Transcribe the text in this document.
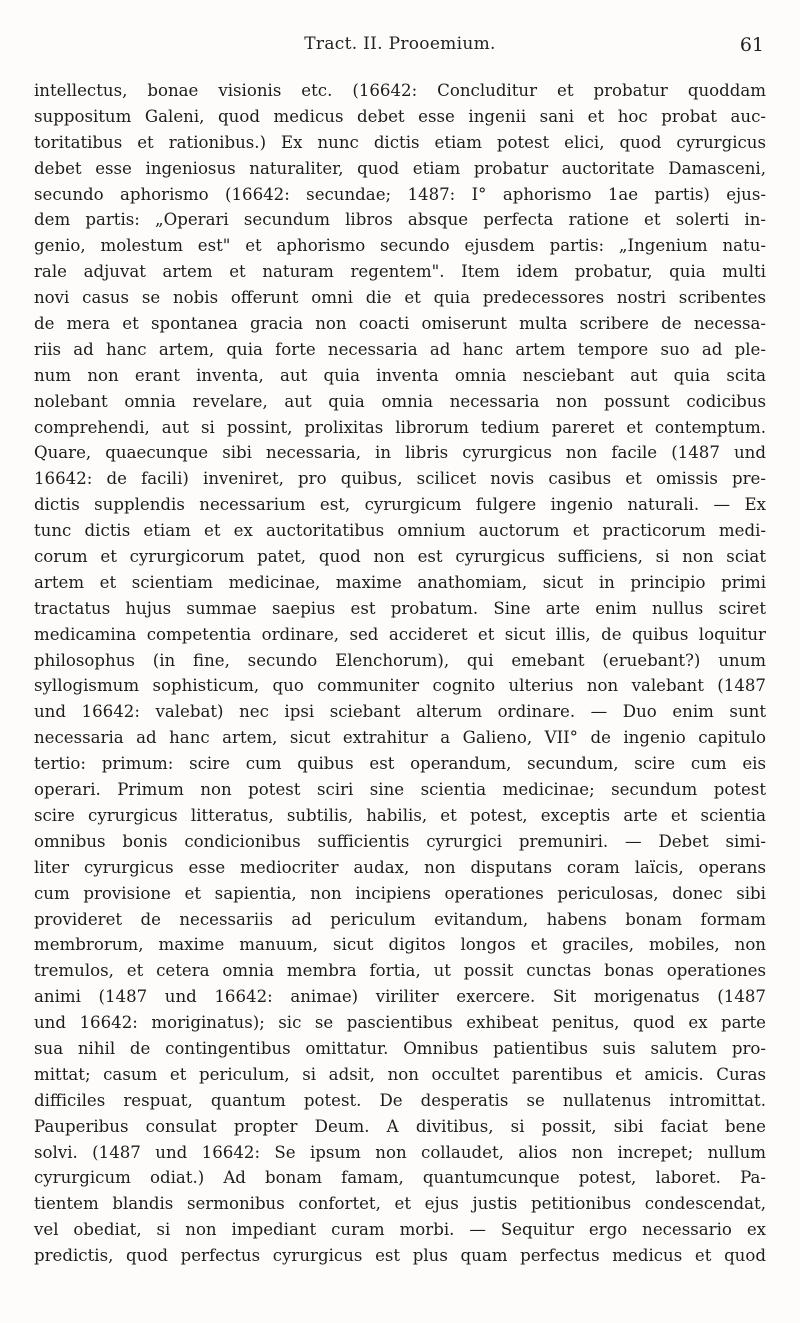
Tract. II. Prooemium.	61
intellectus, bonae visionis etc. (16642: Concluditur et probatur quoddam
suppositum Galeni, quod medicus debet esse ingenii sani et hoc probat auc-
toritatibus et rationibus.) Ex nunc dictis etiam potest elici, quod cyrurgicus
debet esse ingeniosus naturaliter, quod etiam probatur auctoritate Damasceni,
secundo aphorismo (16642: secundae; 1487: I° aphorismo 1ae partis) ejus-
dem partis: „Operari secundum libros absque perfecta ratione et solerti in-
genio, molestum est" et aphorismo secundo ejusdem partis: „Ingenium natu-
rale adjuvat artem et naturam regentem". Item idem probatur, quia multi
novi casus se nobis offerunt omni die et quia predecessores nostri scribentes
de mera et spontanea gracia non coacti omiserunt multa scribere de necessa-
riis ad hanc artem, quia forte necessaria ad hanc artem tempore suo ad ple-
num non erant inventa, aut quia inventa omnia nesciebant aut quia scita
nolebant omnia revelare, aut quia omnia necessaria non possunt codicibus
comprehendi, aut si possint, prolixitas librorum tedium pareret et contemptum.
Quare, quaecunque sibi necessaria, in libris cyrurgicus non facile (1487 und
16642: de facili) inveniret, pro quibus, scilicet novis casibus et omissis pre-
dictis supplendis necessarium est, cyrurgicum fulgere ingenio naturali. — Ex
tunc dictis etiam et ex auctoritatibus omnium auctorum et practicorum medi-
corum et cyrurgicorum patet, quod non est cyrurgicus sufficiens, si non sciat
artem et scientiam medicinae, maxime anathomiam, sicut in principio primi
tractatus hujus summae saepius est probatum. Sine arte enim nullus sciret
medicamina competentia ordinare, sed accideret et sicut illis, de quibus loquitur
philosophus (in fine, secundo Elenchorum), qui emebant (eruebant?) unum
syllogismum sophisticum, quo communiter cognito ulterius non valebant (1487
und 16642: valebat) nec ipsi sciebant alterum ordinare. — Duo enim sunt
necessaria ad hanc artem, sicut extrahitur a Galieno, VII° de ingenio capitulo
tertio: primum: scire cum quibus est operandum, secundum, scire cum eis
operari. Primum non potest sciri sine scientia medicinae; secundum potest
scire cyrurgicus litteratus, subtilis, habilis, et potest, exceptis arte et scientia
omnibus bonis condicionibus sufficientis cyrurgici premuniri. — Debet simi-
liter cyrurgicus esse mediocriter audax, non disputans coram laïcis, operans
cum provisione et sapientia, non incipiens operationes periculosas, donec sibi
provideret de necessariis ad periculum evitandum, habens bonam formam
membrorum, maxime manuum, sicut digitos longos et graciles, mobiles, non
tremulos, et cetera omnia membra fortia, ut possit cunctas bonas operationes
animi (1487 und 16642: animae) viriliter exercere. Sit morigenatus (1487
und 16642: moriginatus); sic se pascientibus exhibeat penitus, quod ex parte
sua nihil de contingentibus omittatur. Omnibus patientibus suis salutem pro-
mittat; casum et periculum, si adsit, non occultet parentibus et amicis. Curas
difficiles respuat, quantum potest. De desperatis se nullatenus intromittat.
Pauperibus consulat propter Deum. A divitibus, si possit, sibi faciat bene
solvi. (1487 und 16642: Se ipsum non collaudet, alios non increpet; nullum
cyrurgicum odiat.) Ad bonam famam, quantumcunque potest, laboret. Pa-
tientem blandis sermonibus confortet, et ejus justis petitionibus condescendat,
vel obediat, si non impediant curam morbi. — Sequitur ergo necessario ex
predictis, quod perfectus cyrurgicus est plus quam perfectus medicus et quod
